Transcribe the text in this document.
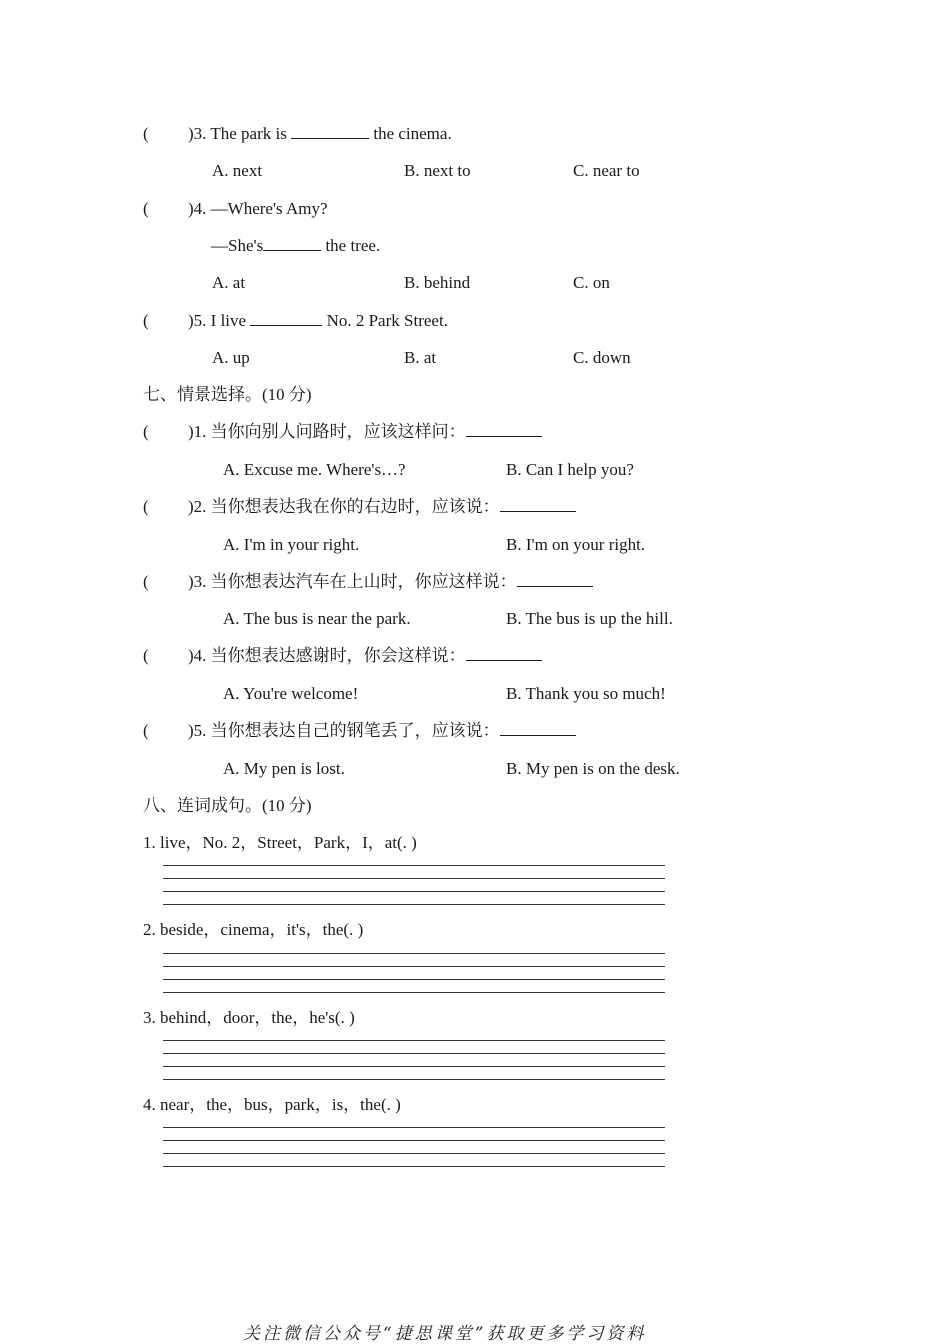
( )3. The park is	the cinema.
A. next	B. next to	C. near to
( )4. —Where's Amy?
—She's	the tree.
A. at	B. behind	C. on
( )5. I live	No. 2 Park Street.
A. up	B. at	C. down
七、情景选择。(10 分)
( )1. 当你向别人问路时，应该这样问：
A. Excuse me. Where's…?	B. Can I help you?
( )2. 当你想表达我在你的右边时，应该说：
A. I'm in your right.	B. I'm on your right.
( )3. 当你想表达汽车在上山时，你应这样说：
A. The bus is near the park.	B. The bus is up the hill.
( )4. 当你想表达感谢时，你会这样说：
A. You're welcome!	B. Thank you so much!
( )5. 当你想表达自己的钢笔丢了，应该说：
A. My pen is lost.	B. My pen is on the desk.
八、连词成句。(10 分)
1. live，No. 2，Street，Park，I，at(. )
2. beside，cinema，it's，the(. )
3. behind，door，the，he's(. )
4. near，the，bus，park，is，the(. )
关注微信公众号“捷思课堂”获取更多学习资料
